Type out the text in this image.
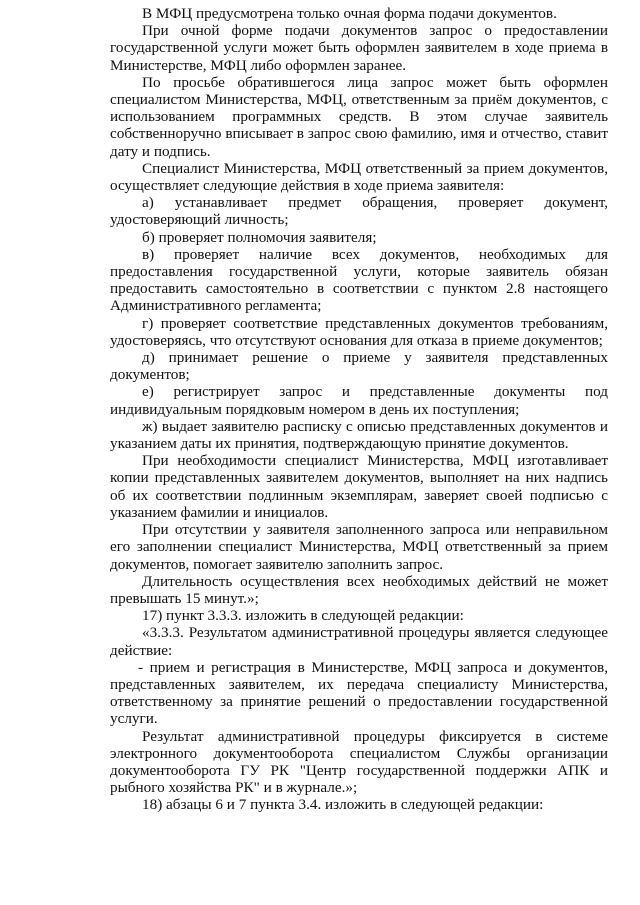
В МФЦ предусмотрена только очная форма подачи документов.

При очной форме подачи документов запрос о предоставлении государственной услуги может быть оформлен заявителем в ходе приема в Министерстве, МФЦ либо оформлен заранее.

По просьбе обратившегося лица запрос может быть оформлен специалистом Министерства, МФЦ, ответственным за приём документов, с использованием программных средств. В этом случае заявитель собственноручно вписывает в запрос свою фамилию, имя и отчество, ставит дату и подпись.

Специалист Министерства, МФЦ ответственный за прием документов, осуществляет следующие действия в ходе приема заявителя:

а) устанавливает предмет обращения, проверяет документ, удостоверяющий личность;

б) проверяет полномочия заявителя;

в) проверяет наличие всех документов, необходимых для предоставления государственной услуги, которые заявитель обязан предоставить самостоятельно в соответствии с пунктом 2.8 настоящего Административного регламента;

г) проверяет соответствие представленных документов требованиям, удостоверяясь, что отсутствуют основания для отказа в приеме документов;

д) принимает решение о приеме у заявителя представленных документов;

е) регистрирует запрос и представленные документы под индивидуальным порядковым номером в день их поступления;

ж) выдает заявителю расписку с описью представленных документов и указанием даты их принятия, подтверждающую принятие документов.

При необходимости специалист Министерства, МФЦ изготавливает копии представленных заявителем документов, выполняет на них надпись об их соответствии подлинным экземплярам, заверяет своей подписью с указанием фамилии и инициалов.

При отсутствии у заявителя заполненного запроса или неправильном его заполнении специалист Министерства, МФЦ ответственный за прием документов, помогает заявителю заполнить запрос.

Длительность осуществления всех необходимых действий не может превышать 15 минут.»;

17) пункт 3.3.3. изложить в следующей редакции:

«3.3.3. Результатом административной процедуры является следующее действие:

- прием и регистрация в Министерстве, МФЦ запроса и документов, представленных заявителем, их передача специалисту Министерства, ответственному за принятие решений о предоставлении государственной услуги.

Результат административной процедуры фиксируется в системе электронного документооборота специалистом Службы организации документооборота ГУ РК "Центр государственной поддержки АПК и рыбного хозяйства РК" и в журнале.»;

18) абзацы 6 и 7 пункта 3.4. изложить в следующей редакции:
